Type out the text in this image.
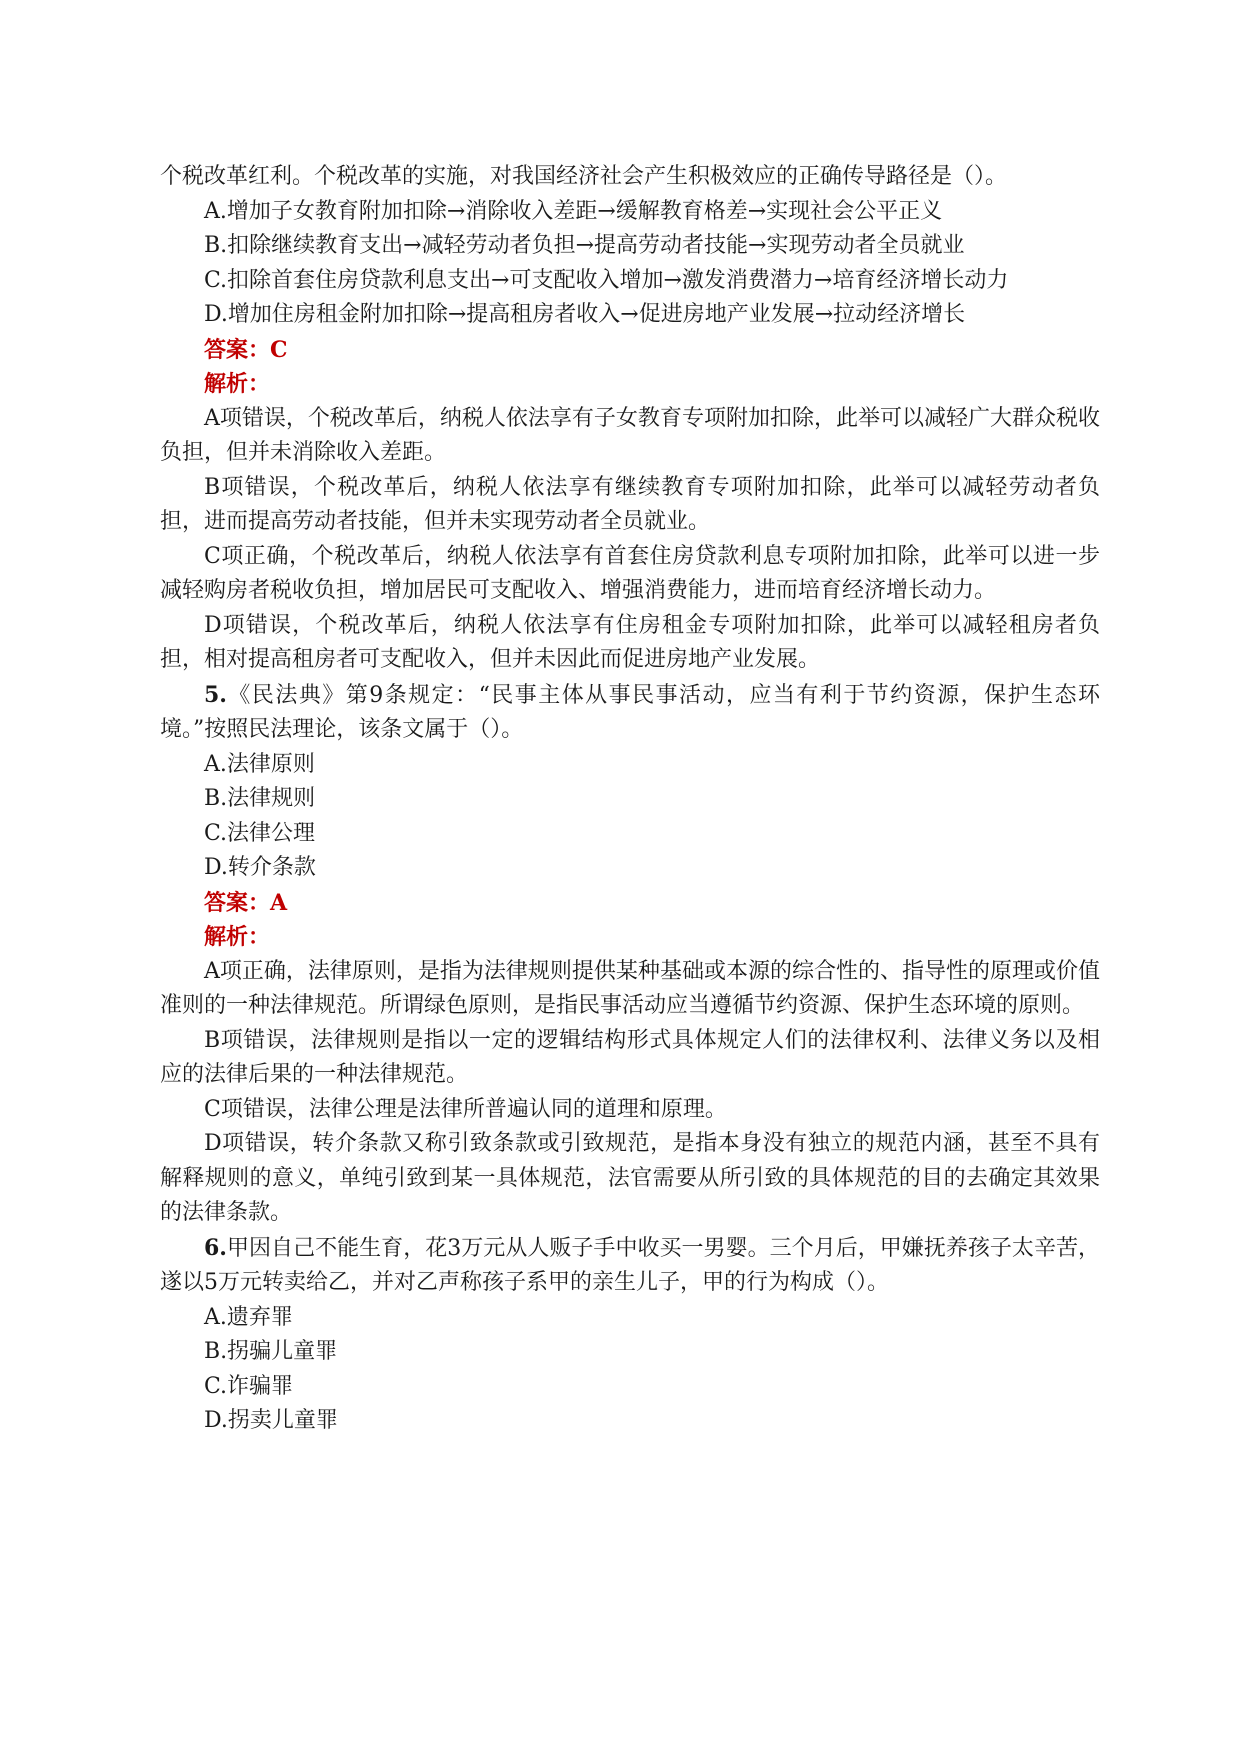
个税改革红利。个税改革的实施，对我国经济社会产生积极效应的正确传导路径是（）。

A.增加子女教育附加扣除→消除收入差距→缓解教育格差→实现社会公平正义

B.扣除继续教育支出→减轻劳动者负担→提高劳动者技能→实现劳动者全员就业

C.扣除首套住房贷款利息支出→可支配收入增加→激发消费潜力→培育经济增长动力

D.增加住房租金附加扣除→提高租房者收入→促进房地产业发展→拉动经济增长

答案：C

解析：

A项错误，个税改革后，纳税人依法享有子女教育专项附加扣除，此举可以减轻广大群众税收负担，但并未消除收入差距。

B项错误，个税改革后，纳税人依法享有继续教育专项附加扣除，此举可以减轻劳动者负担，进而提高劳动者技能，但并未实现劳动者全员就业。

C项正确，个税改革后，纳税人依法享有首套住房贷款利息专项附加扣除，此举可以进一步减轻购房者税收负担，增加居民可支配收入、增强消费能力，进而培育经济增长动力。

D项错误，个税改革后，纳税人依法享有住房租金专项附加扣除，此举可以减轻租房者负担，相对提高租房者可支配收入，但并未因此而促进房地产业发展。

5.《民法典》第9条规定：“民事主体从事民事活动，应当有利于节约资源，保护生态环境。”按照民法理论，该条文属于（）。

A.法律原则

B.法律规则

C.法律公理

D.转介条款

答案：A

解析：

A项正确，法律原则，是指为法律规则提供某种基础或本源的综合性的、指导性的原理或价值准则的一种法律规范。所谓绿色原则，是指民事活动应当遵循节约资源、保护生态环境的原则。

B项错误，法律规则是指以一定的逻辑结构形式具体规定人们的法律权利、法律义务以及相应的法律后果的一种法律规范。

C项错误，法律公理是法律所普遍认同的道理和原理。

D项错误，转介条款又称引致条款或引致规范，是指本身没有独立的规范内涵，甚至不具有解释规则的意义，单纯引致到某一具体规范，法官需要从所引致的具体规范的目的去确定其效果的法律条款。

6.甲因自己不能生育，花3万元从人贩子手中收买一男婴。三个月后，甲嫌抚养孩子太辛苦，遂以5万元转卖给乙，并对乙声称孩子系甲的亲生儿子，甲的行为构成（）。

A.遗弃罪

B.拐骗儿童罪

C.诈骗罪

D.拐卖儿童罪
